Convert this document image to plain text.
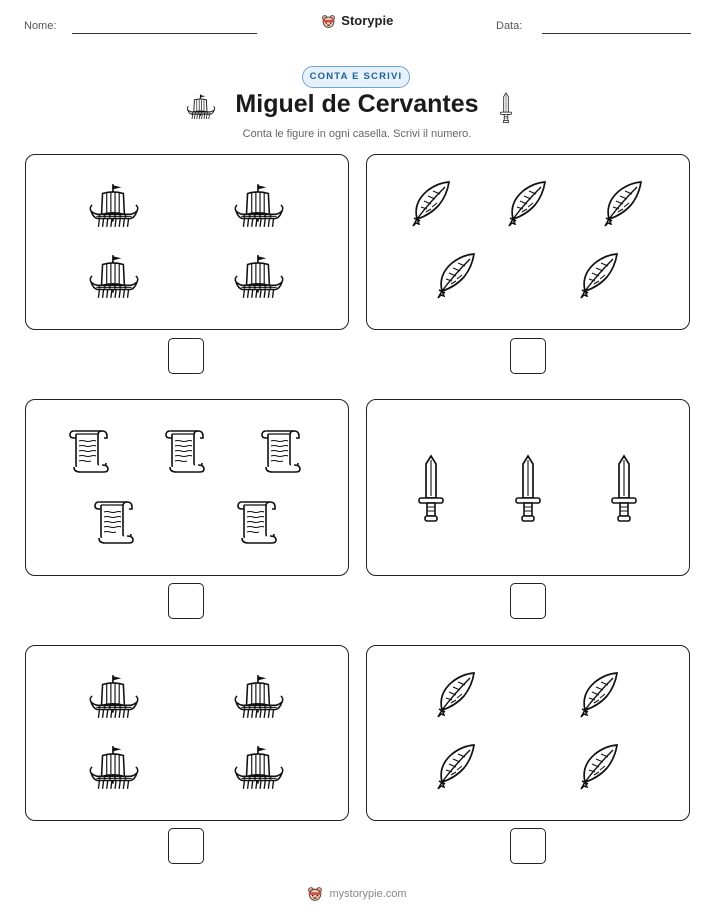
Nome:	Storypie	Data:
CONTA E SCRIVI
Miguel de Cervantes
Conta le figure in ogni casella. Scrivi il numero.
mystorypie.com
